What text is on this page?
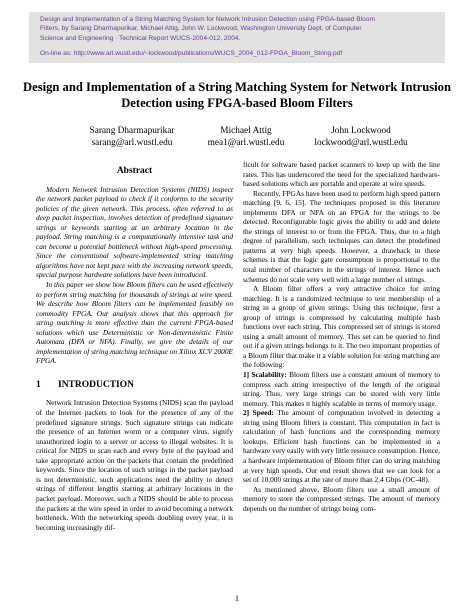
Design and Implementation of a String Matching System for Network Intrusion Detection using FPGA-based Bloom

Filters, by Sarang Dharmapurikar, Michael Attig, John W. Lockwood, Washington University Dept. of Computer

Science and Engineering · Technical Report WUCS-2004-012, 2004.

On-line as: http://www.arl.wustl.edu/~lockwood/publications/WUCS_2004_012-FPGA_Bloom_String.pdf

Design and Implementation of a String Matching System for Network Intrusion
Detection using FPGA-based Bloom Filters
Sarang Dharmapurikar
sarang@arl.wustl.edu
Michael Attig
mea1@arl.wustl.edu
John Lockwood
lockwood@arl.wustl.edu
Abstract

Modern Network Intrusion Detection Systems (NIDS) inspect the network packet payload to check if it conforms to the security policies of the given network. This process, often referred to as deep packet inspection, involves detection of predefined signature strings or keywords starting at an arbitrary location in the payload. String matching is a computationally intensive task and can become a potential bottleneck without high-speed processing. Since the conventional software-implemented string matching algorithms have not kept pace with the increasing network speeds, special purpose hardware solutions have been introduced.

In this paper we show how Bloom filters can be used effectively to perform string matching for thousands of strings at wire speed. We describe how Bloom filters can be implemented feasibly on commodity FPGA. Our analysis shows that this approach for string matching is more effective than the current FPGA-based solutions which use Deterministic or Non-deterministic Finite Automata (DFA or NFA). Finally, we give the details of our implementation of string matching technique on Xilinx XCV 2000E FPGA.

1 INTRODUCTION

Network Intrusion Detection Systems (NIDS) scan the payload of the Internet packets to look for the presence of any of the predefined signature strings. Such signature strings can indicate the presence of an Internet worm or a computer virus, signify unauthorized login to a server or access to illegal websites. It is critical for NIDS to scan each and every byte of the payload and take appropriate action on the packets that contain the predefined keywords. Since the location of such strings in the packet payload is not deterministic, such applications need the ability to detect strings of different lengths starting at arbitrary locations in the packet payload. Moreover, such a NIDS should be able to process the packets at the wire speed in order to avoid becoming a network bottleneck. With the networking speeds doubling every year, it is becoming increasingly dif-

ficult for software based packet scanners to keep up with the line rates. This has underscored the need for the specialized hardware-based solutions which are portable and operate at wire speeds.

Recently, FPGAs have been used to perform high speed pattern matching [9, 6, 15]. The techniques proposed in this literature implements DFA or NFA on an FPGA for the strings to be detected. Reconfigurable logic gives the ability to add and delete the strings of interest to or from the FPGA. Thus, due to a high degree of parallelism, such techniques can detect the predefined patterns at very high speeds. However, a drawback in these schemes is that the logic gate consumption is proportional to the total number of characters in the strings of interest. Hence such schemes do not scale very well with a large number of strings.

A Bloom filter offers a very attractive choice for string matching. It is a randomized technique to test membership of a string in a group of given strings. Using this technique, first a group of strings is compressed by calculating multiple hash functions over each string. This compressed set of strings is stored using a small amount of memory. This set can be queried to find out if a given strings belongs to it. The two important properties of a Bloom filter that make it a viable solution for string matching are the following:

1] Scalability: Bloom filters use a constant amount of memory to compress each string irrespective of the length of the original string. Thus, very large strings can be stored with very little memory. This makes it highly scalable in terms of memory usage.

2] Speed: The amount of computation involved in detecting a string using Bloom filters is constant. This computation in fact is calculation of hash functions and the corresponding memory lookups. Efficient hash functions can be implemented in a hardware very easily with very little resource consumption. Hence, a hardware implementation of Bloom filter can do string matching at very high speeds. Our end result shows that we can look for a set of 10,000 strings at the rate of more than 2.4 Gbps (OC-48).

As mentioned above, Bloom filters use a small amount of memory to store the compressed strings. The amount of memory depends on the number of strings being com-

1
